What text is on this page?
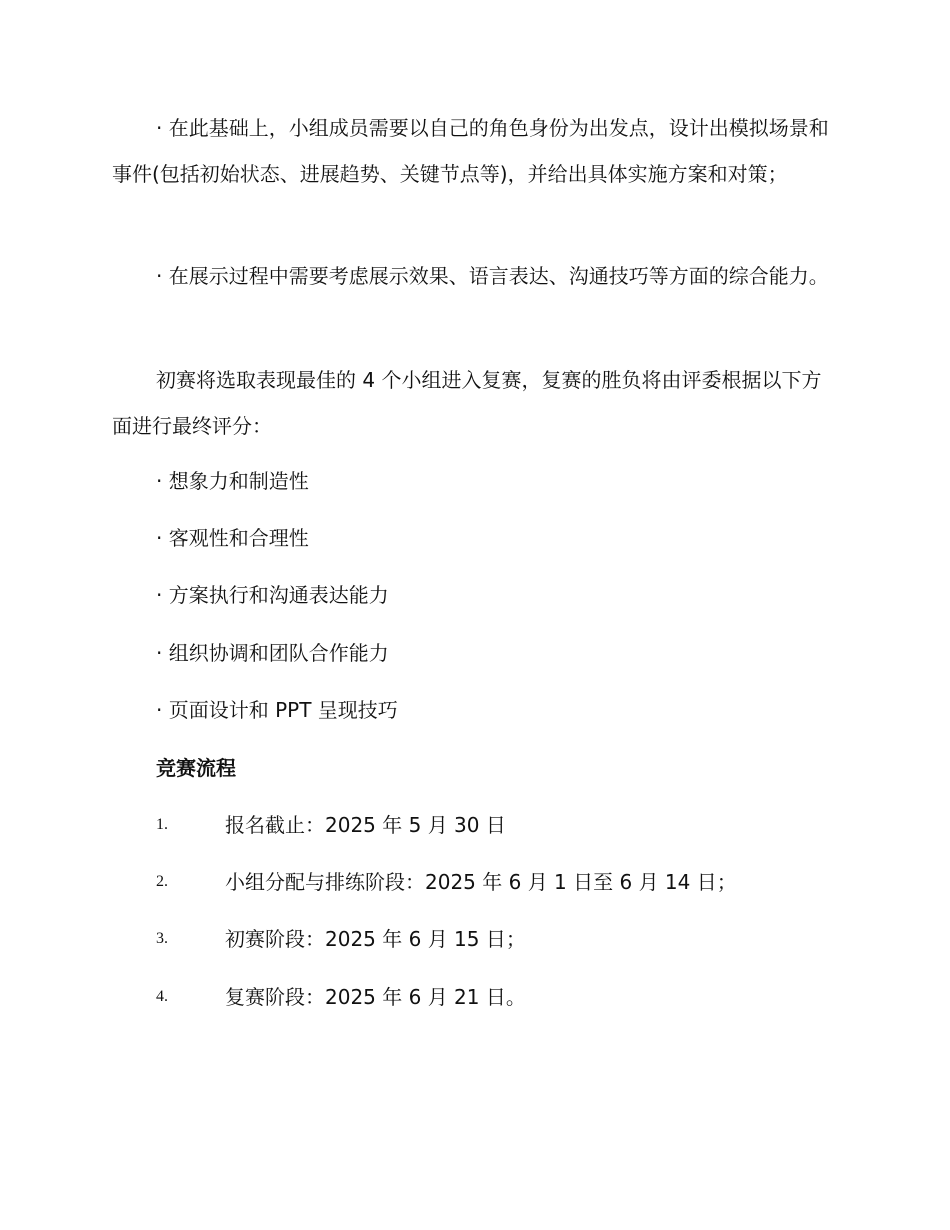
· 在此基础上，小组成员需要以自己的角色身份为出发点，设计出模拟场景和事件(包括初始状态、进展趋势、关键节点等)，并给出具体实施方案和对策；

· 在展示过程中需要考虑展示效果、语言表达、沟通技巧等方面的综合能力。

初赛将选取表现最佳的 4 个小组进入复赛，复赛的胜负将由评委根据以下方面进行最终评分：

· 想象力和制造性

· 客观性和合理性

· 方案执行和沟通表达能力

· 组织协调和团队合作能力

· 页面设计和 PPT 呈现技巧

竞赛流程

1.	报名截止：2025 年 5 月 30 日
2.	小组分配与排练阶段：2025 年 6 月 1 日至 6 月 14 日；
3.	初赛阶段：2025 年 6 月 15 日；
4.	复赛阶段：2025 年 6 月 21 日。
